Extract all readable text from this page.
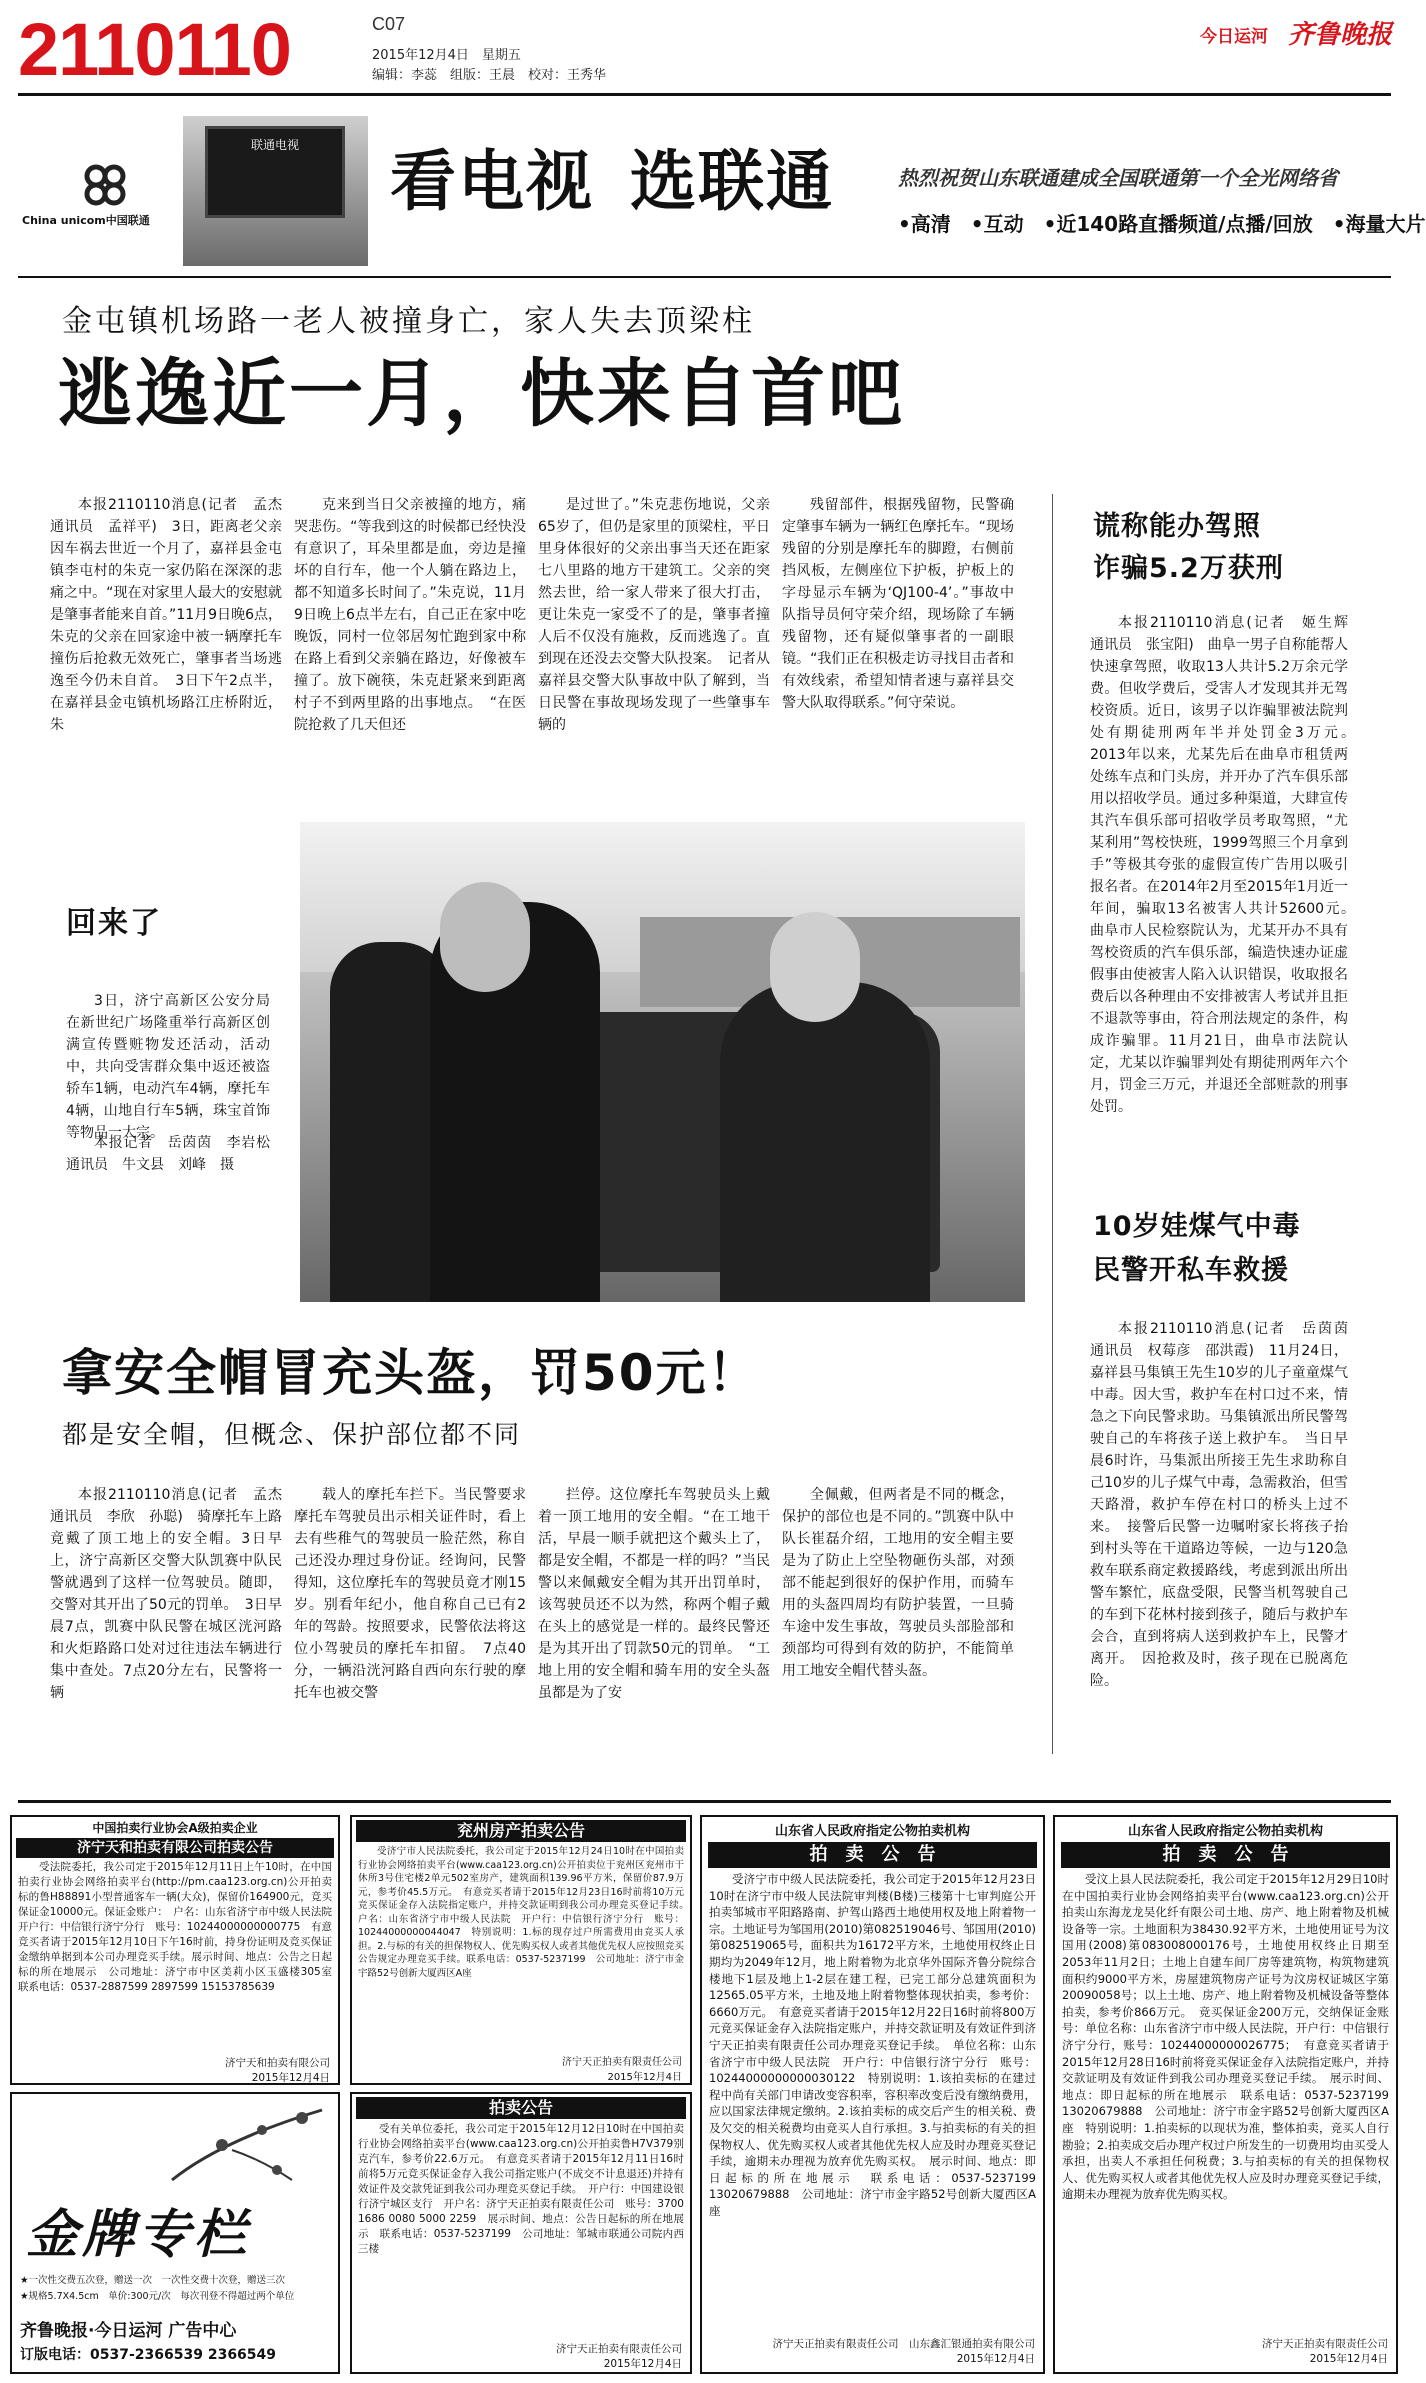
2110110	C07
2015年12月4日　星期五
编辑：李蕊　组版：王晨　校对：王秀华
今日运河 齐鲁晚报
China unicom中国联通
联通电视	看电视 选联通	热烈祝贺山东联通建成全国联通第一个全光网络省
•高清　•互动　•近140路直播频道/点播/回放　•海量大片
金屯镇机场路一老人被撞身亡，家人失去顶梁柱
逃逸近一月，快来自首吧
本报2110110消息(记者　孟杰　通讯员　孟祥平)　3日，距离老父亲因车祸去世近一个月了，嘉祥县金屯镇李屯村的朱克一家仍陷在深深的悲痛之中。“现在对家里人最大的安慰就是肇事者能来自首。”11月9日晚6点，朱克的父亲在回家途中被一辆摩托车撞伤后抢救无效死亡，肇事者当场逃逸至今仍未自首。　3日下午2点半，在嘉祥县金屯镇机场路江庄桥附近，朱
克来到当日父亲被撞的地方，痛哭悲伤。“等我到这的时候都已经快没有意识了，耳朵里都是血，旁边是撞坏的自行车，他一个人躺在路边上，都不知道多长时间了。”朱克说，11月9日晚上6点半左右，自己正在家中吃晚饭，同村一位邻居匆忙跑到家中称在路上看到父亲躺在路边，好像被车撞了。放下碗筷，朱克赶紧来到距离村子不到两里路的出事地点。　“在医院抢救了几天但还
是过世了。”朱克悲伤地说，父亲65岁了，但仍是家里的顶梁柱，平日里身体很好的父亲出事当天还在距家七八里路的地方干建筑工。父亲的突然去世，给一家人带来了很大打击，更让朱克一家受不了的是，肇事者撞人后不仅没有施救，反而逃逸了。直到现在还没去交警大队投案。　记者从嘉祥县交警大队事故中队了解到，当日民警在事故现场发现了一些肇事车辆的
残留部件，根据残留物，民警确定肇事车辆为一辆红色摩托车。“现场残留的分别是摩托车的脚蹬，右侧前挡风板，左侧座位下护板，护板上的字母显示车辆为‘QJ100-4’。”事故中队指导员何守荣介绍，现场除了车辆残留物，还有疑似肇事者的一副眼镜。“我们正在积极走访寻找目击者和有效线索，希望知情者速与嘉祥县交警大队取得联系。”何守荣说。
谎称能办驾照
诈骗5.2万获刑
本报2110110消息(记者　姬生辉　通讯员　张宝阳)　曲阜一男子自称能帮人快速拿驾照，收取13人共计5.2万余元学费。但收学费后，受害人才发现其并无驾校资质。近日，该男子以诈骗罪被法院判处有期徒刑两年半并处罚金3万元。　2013年以来，尤某先后在曲阜市租赁两处练车点和门头房，并开办了汽车俱乐部用以招收学员。通过多种渠道，大肆宣传其汽车俱乐部可招收学员考取驾照，“尤某利用”驾校快班，1999驾照三个月拿到手”等极其夸张的虚假宣传广告用以吸引报名者。在2014年2月至2015年1月近一年间，骗取13名被害人共计52600元。　曲阜市人民检察院认为，尤某开办不具有驾校资质的汽车俱乐部，编造快速办证虚假事由使被害人陷入认识错误，收取报名费后以各种理由不安排被害人考试并且拒不退款等事由，符合刑法规定的条件，构成诈骗罪。11月21日，曲阜市法院认定，尤某以诈骗罪判处有期徒刑两年六个月，罚金三万元，并退还全部赃款的刑事处罚。
10岁娃煤气中毒
民警开私车救援
本报2110110消息(记者　岳茵茵　通讯员　权莓彦　邵洪霞)　11月24日，嘉祥县马集镇王先生10岁的儿子童童煤气中毒。因大雪，救护车在村口过不来，情急之下向民警求助。马集镇派出所民警驾驶自己的车将孩子送上救护车。　当日早晨6时许，马集派出所接王先生求助称自己10岁的儿子煤气中毒，急需救治，但雪天路滑，救护车停在村口的桥头上过不来。　接警后民警一边嘱咐家长将孩子抬到村头等在干道路边等候，一边与120急救车联系商定救援路线，考虑到派出所出警车繁忙，底盘受限，民警当机驾驶自己的车到下花林村接到孩子，随后与救护车会合，直到将病人送到救护车上，民警才离开。　因抢救及时，孩子现在已脱离危险。
回来了
3日，济宁高新区公安分局在新世纪广场隆重举行高新区创满宣传暨赃物发还活动，活动中，共向受害群众集中返还被盗轿车1辆，电动汽车4辆，摩托车4辆，山地自行车5辆，珠宝首饰等物品一大宗。
本报记者　岳茵茵　李岩松　通讯员　牛文县　刘峰　摄
拿安全帽冒充头盔，罚50元！
都是安全帽，但概念、保护部位都不同
本报2110110消息(记者　孟杰　通讯员　李欣　孙聪)　骑摩托车上路竟戴了顶工地上的安全帽。3日早上，济宁高新区交警大队凯赛中队民警就遇到了这样一位驾驶员。随即，交警对其开出了50元的罚单。　3日早晨7点，凯赛中队民警在城区洸河路和火炬路路口处对过往违法车辆进行集中查处。7点20分左右，民警将一辆
载人的摩托车拦下。当民警要求摩托车驾驶员出示相关证件时，看上去有些稚气的驾驶员一脸茫然，称自己还没办理过身份证。经询问，民警得知，这位摩托车的驾驶员竟才刚15岁。别看年纪小，他自称自己已有2年的驾龄。按照要求，民警依法将这位小驾驶员的摩托车扣留。　7点40分，一辆沿洸河路自西向东行驶的摩托车也被交警
拦停。这位摩托车驾驶员头上戴着一顶工地用的安全帽。“在工地干活，早晨一顺手就把这个戴头上了，都是安全帽，不都是一样的吗？”当民警以来佩戴安全帽为其开出罚单时，该驾驶员还不以为然，称两个帽子戴在头上的感觉是一样的。最终民警还是为其开出了罚款50元的罚单。　“工地上用的安全帽和骑车用的安全头盔虽都是为了安
全佩戴，但两者是不同的概念，保护的部位也是不同的。”凯赛中队中队长崔磊介绍，工地用的安全帽主要是为了防止上空坠物砸伤头部，对颈部不能起到很好的保护作用，而骑车用的头盔四周均有防护装置，一旦骑车途中发生事故，驾驶员头部脸部和颈部均可得到有效的防护，不能简单用工地安全帽代替头盔。
中国拍卖行业协会A级拍卖企业
济宁天和拍卖有限公司拍卖公告
受法院委托，我公司定于2015年12月11日上午10时，在中国拍卖行业协会网络拍卖平台(http://pm.caa123.org.cn)公开拍卖标的鲁H88891小型普通客车一辆(大众)，保留价164900元，竞买保证金10000元。保证金账户：　户名：山东省济宁市中级人民法院　开户行：中信银行济宁分行　账号：10244000000000775　有意竞买者请于2015年12月10日下午16时前，持身份证明及竞买保证金缴纳单据到本公司办理竞买手续。展示时间、地点：公告之日起标的所在地展示　公司地址：济宁市中区美莉小区玉盛楼305室　联系电话：0537-2887599 2897599 15153785639
济宁天和拍卖有限公司
2015年12月4日
兖州房产拍卖公告
受济宁市人民法院委托，我公司定于2015年12月24日10时在中国拍卖行业协会网络拍卖平台(www.caa123.org.cn)公开拍卖位于兖州区兖州市干休所3号住宅楼2单元502室房产，建筑面积139.96平方米，保留价87.9万元，参考价45.5万元。　有意竞买者请于2015年12月23日16时前将10万元竞买保证金存入法院指定账户，并持交款证明到我公司办理竞买登记手续。　户名：山东省济宁市中级人民法院　开户行：中信银行济宁分行　账号：10244000000044047　特别说明：1.标的现存过户所需费用由竞买人承担。2.与标的有关的担保物权人、优先购买权人或者其他优先权人应按照竞买公告规定办理竞买手续。联系电话：0537-5237199　公司地址：济宁市金宇路52号创新大厦西区A座
济宁天正拍卖有限责任公司
2015年12月4日
拍卖公告
受有关单位委托，我公司定于2015年12月12日10时在中国拍卖行业协会网络拍卖平台(www.caa123.org.cn)公开拍卖鲁H7V379别克汽车，参考价22.6万元。　有意竞买者请于2015年12月11日16时前将5万元竞买保证金存入我公司指定账户(不成交不计息退还)并持有效证件及交款凭证到我公司办理竞买登记手续。　开户行：中国建设银行济宁城区支行　开户名：济宁天正拍卖有限责任公司　账号：3700 1686 0080 5000 2259　展示时间、地点：公告日起标的所在地展示　联系电话：0537-5237199　公司地址：邹城市联通公司院内西三楼
济宁天正拍卖有限责任公司
2015年12月4日
山东省人民政府指定公物拍卖机构
拍　卖　公　告
受济宁市中级人民法院委托，我公司定于2015年12月23日10时在济宁市中级人民法院审判楼(B楼)三楼第十七审判庭公开拍卖邹城市平阳路路南、护驾山路西土地使用权及地上附着物一宗。土地证号为邹国用(2010)第082519046号、邹国用(2010)第082519065号，面积共为16172平方米，土地使用权终止日期均为2049年12月，地上附着物为北京华外国际齐鲁分院综合楼地下1层及地上1-2层在建工程，已完工部分总建筑面积为12565.05平方米，土地及地上附着物整体现状拍卖，参考价：6660万元。　有意竞买者请于2015年12月22日16时前将800万元竞买保证金存入法院指定账户，并持交款证明及有效证件到济宁天正拍卖有限责任公司办理竞买登记手续。　单位名称：山东省济宁市中级人民法院　开户行：中信银行济宁分行　账号：10244000000000030122　特别说明：1.该拍卖标的在建过程中尚有关部门申请改变容积率，容积率改变后没有缴纳费用，应以国家法律规定缴纳。2.该拍卖标的成交后产生的相关税、费及欠交的相关税费均由竞买人自行承担。3.与拍卖标的有关的担保物权人、优先购买权人或者其他优先权人应及时办理竞买登记手续，逾期未办理视为放弃优先购买权。　展示时间、地点：即日起标的所在地展示　联系电话：0537-5237199 13020679888　公司地址：济宁市金宇路52号创新大厦西区A座
济宁天正拍卖有限责任公司　山东鑫汇银通拍卖有限公司
2015年12月4日
山东省人民政府指定公物拍卖机构
拍　卖　公　告
受汶上县人民法院委托，我公司定于2015年12月29日10时在中国拍卖行业协会网络拍卖平台(www.caa123.org.cn)公开拍卖山东海龙龙吴化纤有限公司土地、房产、地上附着物及机械设备等一宗。土地面积为38430.92平方米，土地使用证号为汶国用(2008)第083008000176号，土地使用权终止日期至2053年11月2日；土地上自建车间厂房等建筑物，构筑物建筑面积约9000平方米，房屋建筑物房产证号为汶房权证城区字第20090058号；以上土地、房产、地上附着物及机械设备等整体拍卖，参考价866万元。　竞买保证金200万元，交纳保证金账号：单位名称：山东省济宁市中级人民法院，开户行：中信银行济宁分行，账号：10244000000026775；　有意竞买者请于2015年12月28日16时前将竞买保证金存入法院指定账户，并持交款证明及有效证件到我公司办理竞买登记手续。　展示时间、地点：即日起标的所在地展示　联系电话：0537-5237199　13020679888　公司地址：济宁市金宇路52号创新大厦西区A座　特别说明：1.拍卖标的以现状为准，整体拍卖，竞买人自行勘验；2.拍卖成交后办理产权过户所发生的一切费用均由买受人承担，出卖人不承担任何税费；3.与拍卖标的有关的担保物权人、优先购买权人或者其他优先权人应及时办理竞买登记手续，逾期未办理视为放弃优先购买权。
济宁天正拍卖有限责任公司
2015年12月4日
金牌专栏
★一次性交费五次登，赠送一次　一次性交费十次登，赠送三次
★规格5.7X4.5cm　单价:300元/次　每次刊登不得超过两个单位
齐鲁晚报·今日运河 广告中心
订版电话：0537-2366539 2366549
